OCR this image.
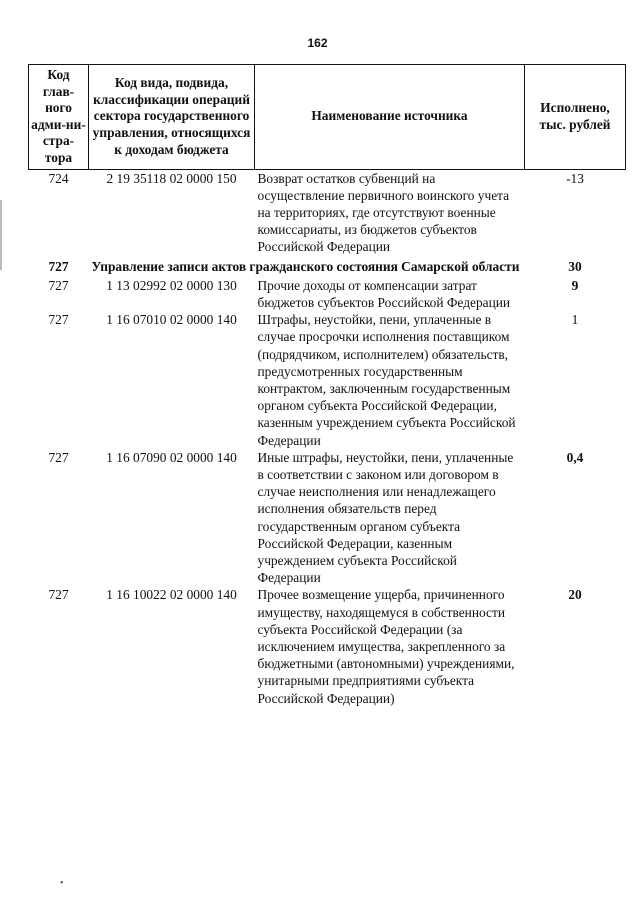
162
Код глав-ного адми-ни-стра-тора	Код вида, подвида, классификации операций сектора государственного управления, относящихся к доходам бюджета	Наименование источника	Исполнено, тыс. рублей
724	2 19 35118 02 0000 150	Возврат остатков субвенций на осуществление первичного воинского учета на территориях, где отсутствуют военные комиссариаты, из бюджетов субъектов Российской Федерации	-13
727	Управление записи актов гражданского состояния Самарской области		30
727	1 13 02992 02 0000 130	Прочие доходы от компенсации затрат бюджетов субъектов Российской Федерации	9
727	1 16 07010 02 0000 140	Штрафы, неустойки, пени, уплаченные в случае просрочки исполнения поставщиком (подрядчиком, исполнителем) обязательств, предусмотренных государственным контрактом, заключенным государственным органом субъекта Российской Федерации, казенным учреждением субъекта Российской Федерации	1
727	1 16 07090 02 0000 140	Иные штрафы, неустойки, пени, уплаченные в соответствии с законом или договором в случае неисполнения или ненадлежащего исполнения обязательств перед государственным органом субъекта Российской Федерации, казенным учреждением субъекта Российской Федерации	0,4
727	1 16 10022 02 0000 140	Прочее возмещение ущерба, причиненного имуществу, находящемуся в собственности субъекта Российской Федерации (за исключением имущества, закрепленного за бюджетными (автономными) учреждениями, унитарными предприятиями субъекта Российской Федерации)	20
•
